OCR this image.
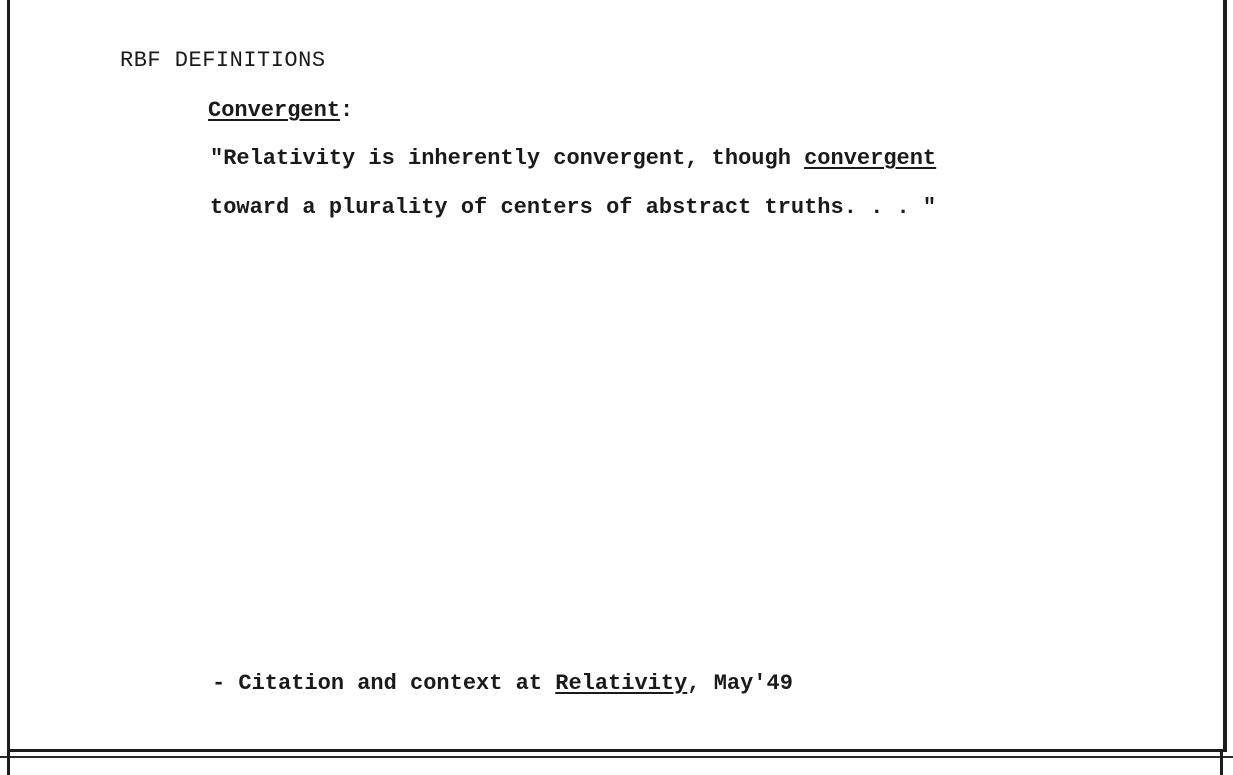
RBF DEFINITIONS
Convergent:
"Relativity is inherently convergent, though convergent
toward a plurality of centers of abstract truths. . . "
- Citation and context at Relativity, May'49
